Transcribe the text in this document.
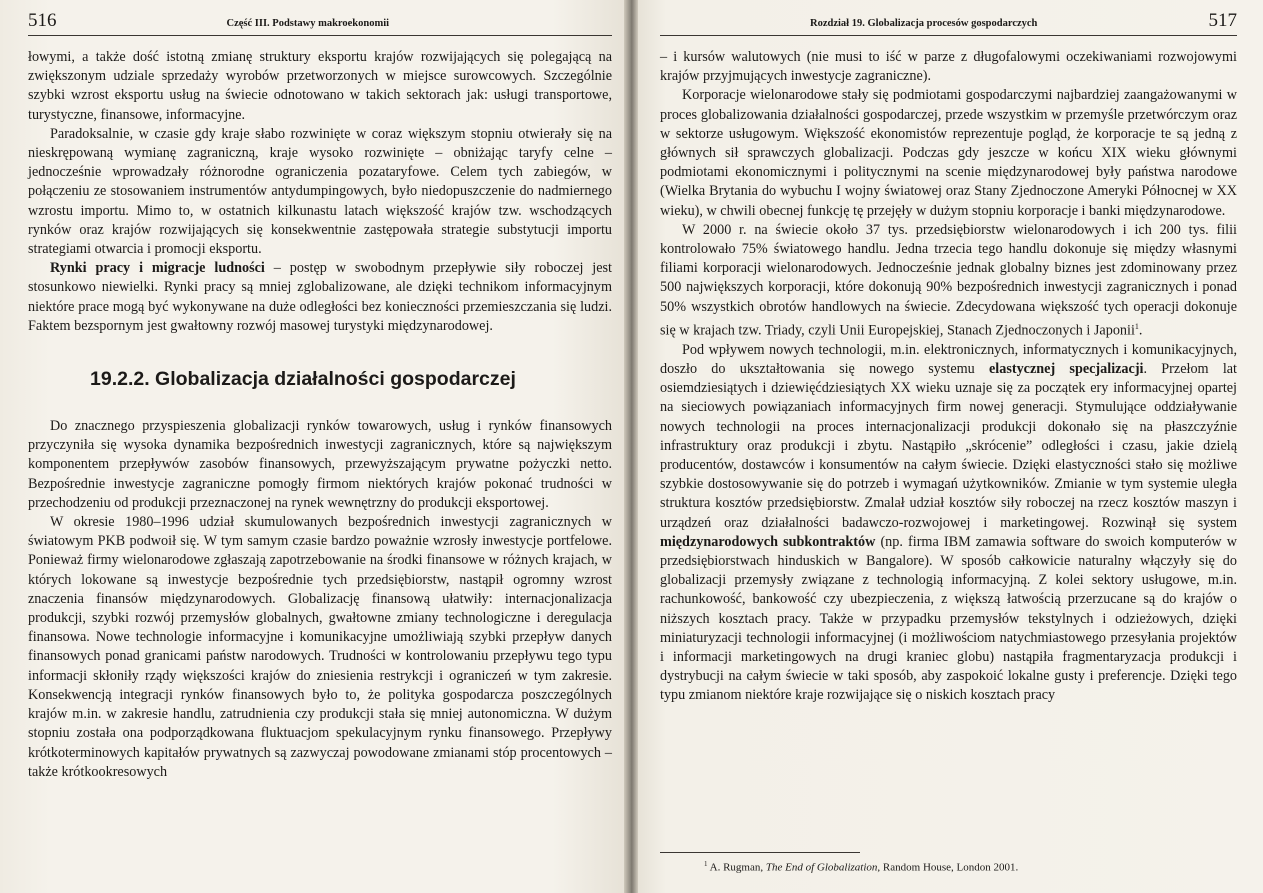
516	Część III. Podstawy makroekonomii

łowymi, a także dość istotną zmianę struktury eksportu krajów rozwijających się polegającą na zwiększonym udziale sprzedaży wyrobów przetworzonych w miejsce surowcowych. Szczególnie szybki wzrost eksportu usług na świecie odnotowano w takich sektorach jak: usługi transportowe, turystyczne, finansowe, informacyjne.

Paradoksalnie, w czasie gdy kraje słabo rozwinięte w coraz większym stopniu otwierały się na nieskrępowaną wymianę zagraniczną, kraje wysoko rozwinięte – obniżając taryfy celne – jednocześnie wprowadzały różnorodne ograniczenia pozataryfowe. Celem tych zabiegów, w połączeniu ze stosowaniem instrumentów antydumpingowych, było niedopuszczenie do nadmiernego wzrostu importu. Mimo to, w ostatnich kilkunastu latach większość krajów tzw. wschodzących rynków oraz krajów rozwijających się konsekwentnie zastępowała strategie substytucji importu strategiami otwarcia i promocji eksportu.

Rynki pracy i migracje ludności – postęp w swobodnym przepływie siły roboczej jest stosunkowo niewielki. Rynki pracy są mniej zglobalizowane, ale dzięki technikom informacyjnym niektóre prace mogą być wykonywane na duże odległości bez konieczności przemieszczania się ludzi. Faktem bezspornym jest gwałtowny rozwój masowej turystyki międzynarodowej.

19.2.2. Globalizacja działalności gospodarczej

Do znacznego przyspieszenia globalizacji rynków towarowych, usług i rynków finansowych przyczyniła się wysoka dynamika bezpośrednich inwestycji zagranicznych, które są największym komponentem przepływów zasobów finansowych, przewyższającym prywatne pożyczki netto. Bezpośrednie inwestycje zagraniczne pomogły firmom niektórych krajów pokonać trudności w przechodzeniu od produkcji przeznaczonej na rynek wewnętrzny do produkcji eksportowej.

W okresie 1980–1996 udział skumulowanych bezpośrednich inwestycji zagranicznych w światowym PKB podwoił się. W tym samym czasie bardzo poważnie wzrosły inwestycje portfelowe. Ponieważ firmy wielonarodowe zgłaszają zapotrzebowanie na środki finansowe w różnych krajach, w których lokowane są inwestycje bezpośrednie tych przedsiębiorstw, nastąpił ogromny wzrost znaczenia finansów międzynarodowych. Globalizację finansową ułatwiły: internacjonalizacja produkcji, szybki rozwój przemysłów globalnych, gwałtowne zmiany technologiczne i deregulacja finansowa. Nowe technologie informacyjne i komunikacyjne umożliwiają szybki przepływ danych finansowych ponad granicami państw narodowych. Trudności w kontrolowaniu przepływu tego typu informacji skłoniły rządy większości krajów do zniesienia restrykcji i ograniczeń w tym zakresie. Konsekwencją integracji rynków finansowych było to, że polityka gospodarcza poszczególnych krajów m.in. w zakresie handlu, zatrudnienia czy produkcji stała się mniej autonomiczna. W dużym stopniu została ona podporządkowana fluktuacjom spekulacyjnym rynku finansowego. Przepływy krótkoterminowych kapitałów prywatnych są zazwyczaj powodowane zmianami stóp procentowych – także krótkookresowych

Rozdział 19. Globalizacja procesów gospodarczych	517

– i kursów walutowych (nie musi to iść w parze z długofalowymi oczekiwaniami rozwojowymi krajów przyjmujących inwestycje zagraniczne).

Korporacje wielonarodowe stały się podmiotami gospodarczymi najbardziej zaangażowanymi w proces globalizowania działalności gospodarczej, przede wszystkim w przemyśle przetwórczym oraz w sektorze usługowym. Większość ekonomistów reprezentuje pogląd, że korporacje te są jedną z głównych sił sprawczych globalizacji. Podczas gdy jeszcze w końcu XIX wieku głównymi podmiotami ekonomicznymi i politycznymi na scenie międzynarodowej były państwa narodowe (Wielka Brytania do wybuchu I wojny światowej oraz Stany Zjednoczone Ameryki Północnej w XX wieku), w chwili obecnej funkcję tę przejęły w dużym stopniu korporacje i banki międzynarodowe.

W 2000 r. na świecie około 37 tys. przedsiębiorstw wielonarodowych i ich 200 tys. filii kontrolowało 75% światowego handlu. Jedna trzecia tego handlu dokonuje się między własnymi filiami korporacji wielonarodowych. Jednocześnie jednak globalny biznes jest zdominowany przez 500 największych korporacji, które dokonują 90% bezpośrednich inwestycji zagranicznych i ponad 50% wszystkich obrotów handlowych na świecie. Zdecydowana większość tych operacji dokonuje się w krajach tzw. Triady, czyli Unii Europejskiej, Stanach Zjednoczonych i Japonii$^1$.

Pod wpływem nowych technologii, m.in. elektronicznych, informatycznych i komunikacyjnych, doszło do ukształtowania się nowego systemu elastycznej specjalizacji. Przełom lat osiemdziesiątych i dziewięćdziesiątych XX wieku uznaje się za początek ery informacyjnej opartej na sieciowych powiązaniach informacyjnych firm nowej generacji. Stymulujące oddziaływanie nowych technologii na proces internacjonalizacji produkcji dokonało się na płaszczyźnie infrastruktury oraz produkcji i zbytu. Nastąpiło „skrócenie” odległości i czasu, jakie dzielą producentów, dostawców i konsumentów na całym świecie. Dzięki elastyczności stało się możliwe szybkie dostosowywanie się do potrzeb i wymagań użytkowników. Zmianie w tym systemie uległa struktura kosztów przedsiębiorstw. Zmalał udział kosztów siły roboczej na rzecz kosztów maszyn i urządzeń oraz działalności badawczo-rozwojowej i marketingowej. Rozwinął się system międzynarodowych subkontraktów (np. firma IBM zamawia software do swoich komputerów w przedsiębiorstwach hinduskich w Bangalore). W sposób całkowicie naturalny włączyły się do globalizacji przemysły związane z technologią informacyjną. Z kolei sektory usługowe, m.in. rachunkowość, bankowość czy ubezpieczenia, z większą łatwością przerzucane są do krajów o niższych kosztach pracy. Także w przypadku przemysłów tekstylnych i odzieżowych, dzięki miniaturyzacji technologii informacyjnej (i możliwościom natychmiastowego przesyłania projektów i informacji marketingowych na drugi kraniec globu) nastąpiła fragmentaryzacja produkcji i dystrybucji na całym świecie w taki sposób, aby zaspokoić lokalne gusty i preferencje. Dzięki tego typu zmianom niektóre kraje rozwijające się o niskich kosztach pracy

$^1$ A. Rugman, The End of Globalization, Random House, London 2001.
